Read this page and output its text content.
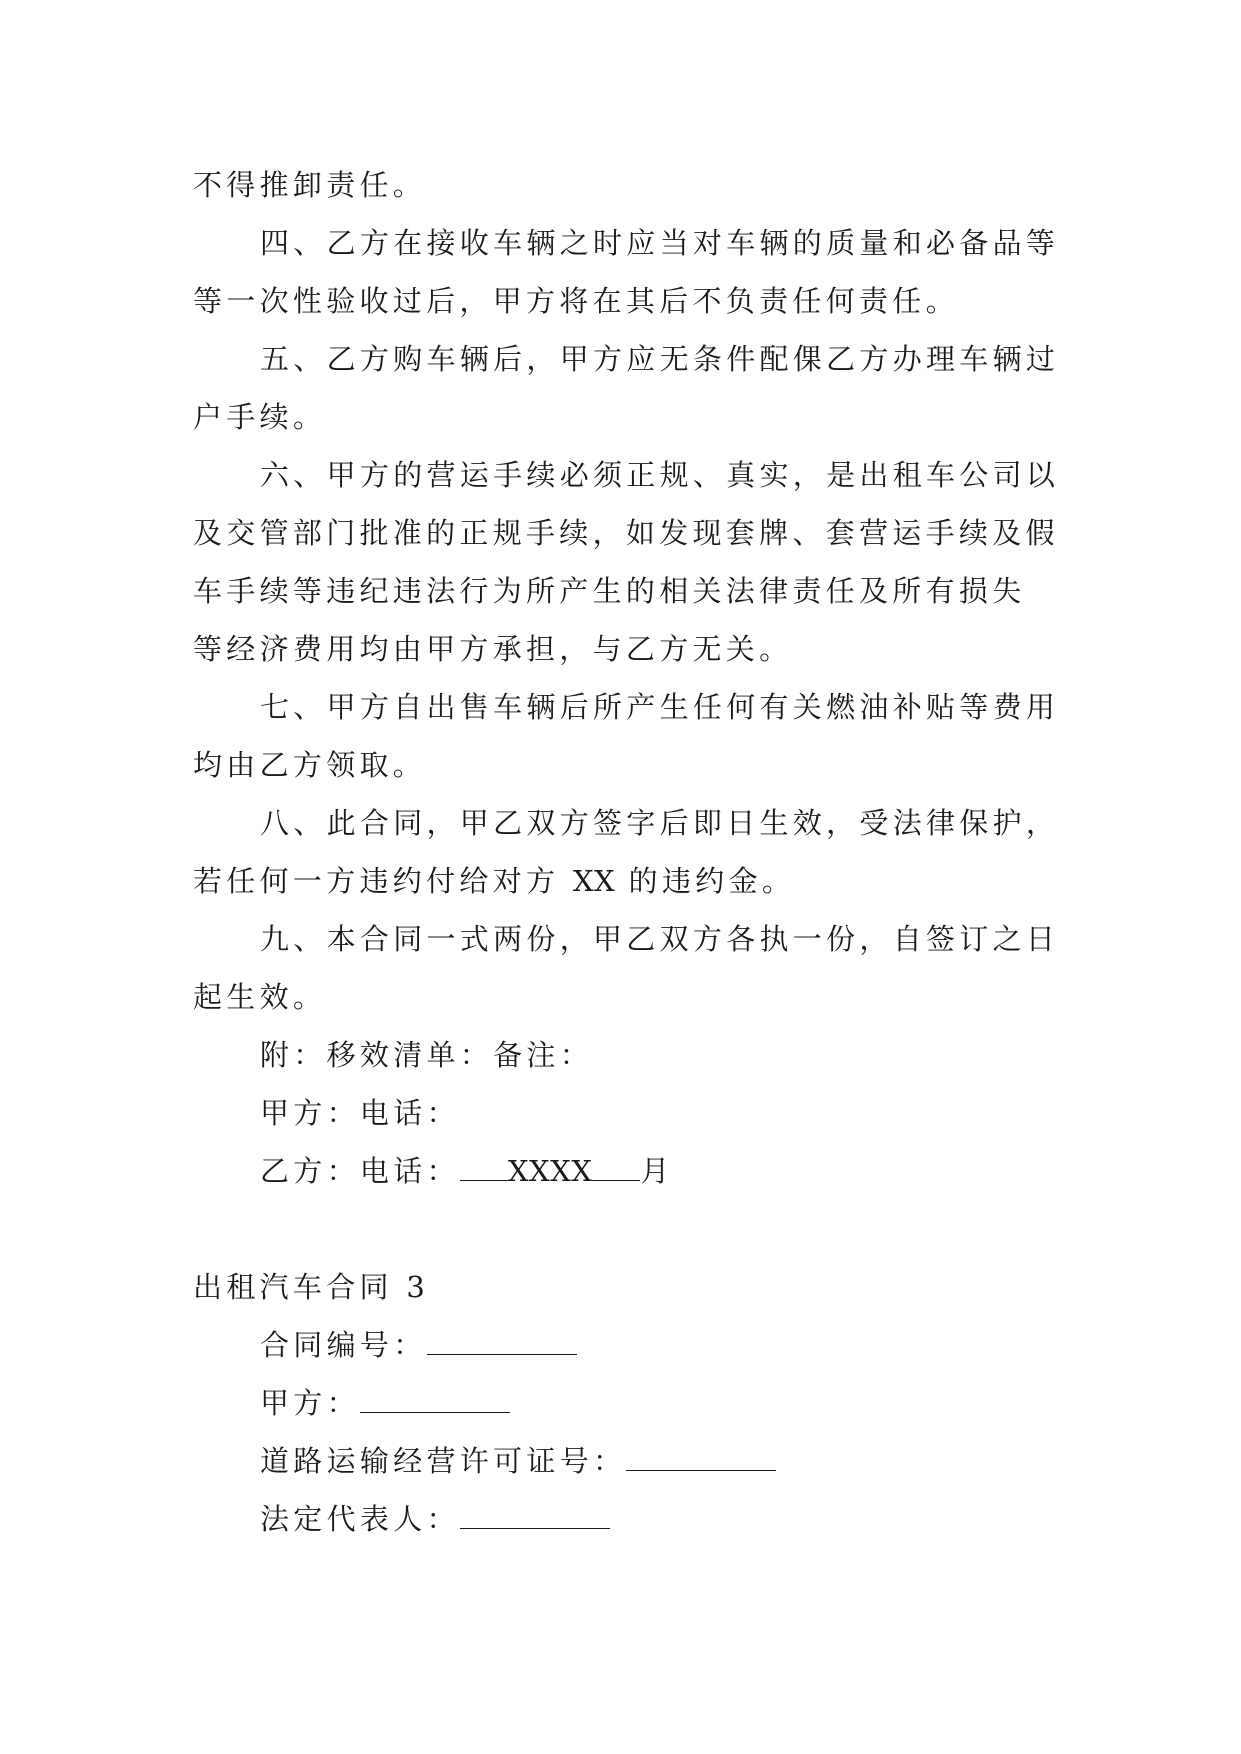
不得推卸责任。

四、乙方在接收车辆之时应当对车辆的质量和必备品等
等一次性验收过后，甲方将在其后不负责任何责任。

五、乙方购车辆后，甲方应无条件配倮乙方办理车辆过
户手续。

六、甲方的营运手续必须正规、真实，是出租车公司以
及交管部门批准的正规手续，如发现套牌、套营运手续及假
车手续等违纪违法行为所产生的相关法律责任及所有损失
等经济费用均由甲方承担，与乙方无关。

七、甲方自出售车辆后所产生任何有关燃油补贴等费用
均由乙方领取。

八、此合同，甲乙双方签字后即日生效，受法律保护，
若任何一方违约付给对方 XX 的违约金。

九、本合同一式两份，甲乙双方各执一份，自签订之日
起生效。

附：移效清单：备注：

甲方：电话：

乙方：电话： XXXX 月

出租汽车合同 3

合同编号：

甲方：

道路运输经营许可证号：

法定代表人：
